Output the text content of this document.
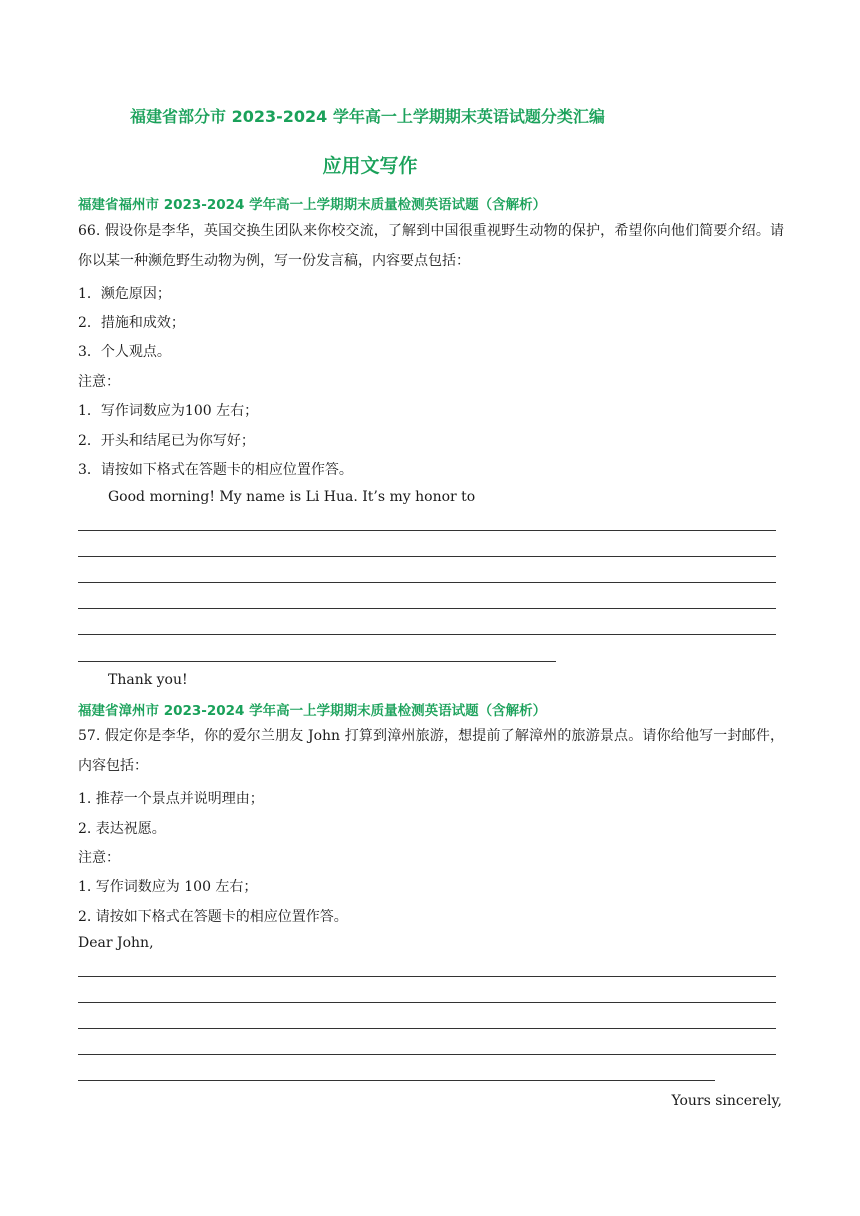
福建省部分市 2023-2024 学年高一上学期期末英语试题分类汇编
应用文写作

福建省福州市 2023-2024 学年高一上学期期末质量检测英语试题（含解析）

66. 假设你是李华，英国交换生团队来你校交流，了解到中国很重视野生动物的保护，希望你向他们简要介绍。请你以某一种濒危野生动物为例，写一份发言稿，内容要点包括：

1．濒危原因；

2．措施和成效；

3．个人观点。

注意：

1．写作词数应为100 左右；

2．开头和结尾已为你写好；

3．请按如下格式在答题卡的相应位置作答。

Good morning! My name is Li Hua. It’s my honor to

Thank you!

福建省漳州市 2023-2024 学年高一上学期期末质量检测英语试题（含解析）

57. 假定你是李华，你的爱尔兰朋友 John 打算到漳州旅游，想提前了解漳州的旅游景点。请你给他写一封邮件，内容包括：

1. 推荐一个景点并说明理由；

2. 表达祝愿。

注意：

1. 写作词数应为 100 左右；

2. 请按如下格式在答题卡的相应位置作答。

Dear John,

Yours sincerely,
